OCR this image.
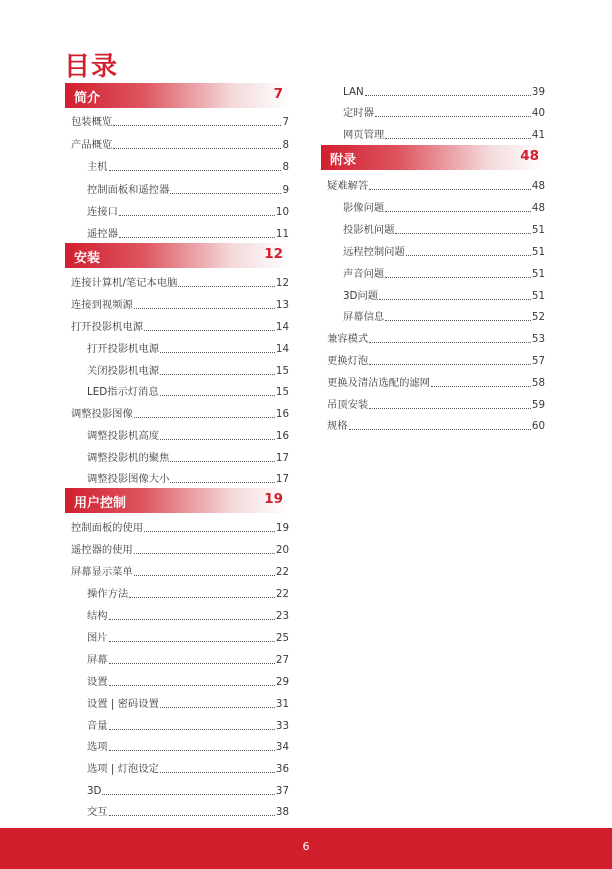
目录
简介	7
包装概览	7
产品概览	8
主机	8
控制面板和遥控器	9
连接口	10
遥控器	11
安装	12
连接计算机/笔记本电脑	12
连接到视频源	13
打开投影机电源	14
打开投影机电源	14
关闭投影机电源	15
LED指示灯消息	15
调整投影图像	16
调整投影机高度	16
调整投影机的聚焦	17
调整投影图像大小	17
用户控制	19
控制面板的使用	19
遥控器的使用	20
屏幕显示菜单	22
操作方法	22
结构	23
图片	25
屏幕	27
设置	29
设置 | 密码设置	31
音量	33
选项	34
选项 | 灯泡设定	36
3D	37
交互	38
LAN	39
定时器	40
网页管理	41
附录	48
疑难解答	48
影像问题	48
投影机问题	51
远程控制问题	51
声音问题	51
3D问题	51
屏幕信息	52
兼容模式	53
更换灯泡	57
更换及清洁选配的滤网	58
吊顶安装	59
规格	60
6
